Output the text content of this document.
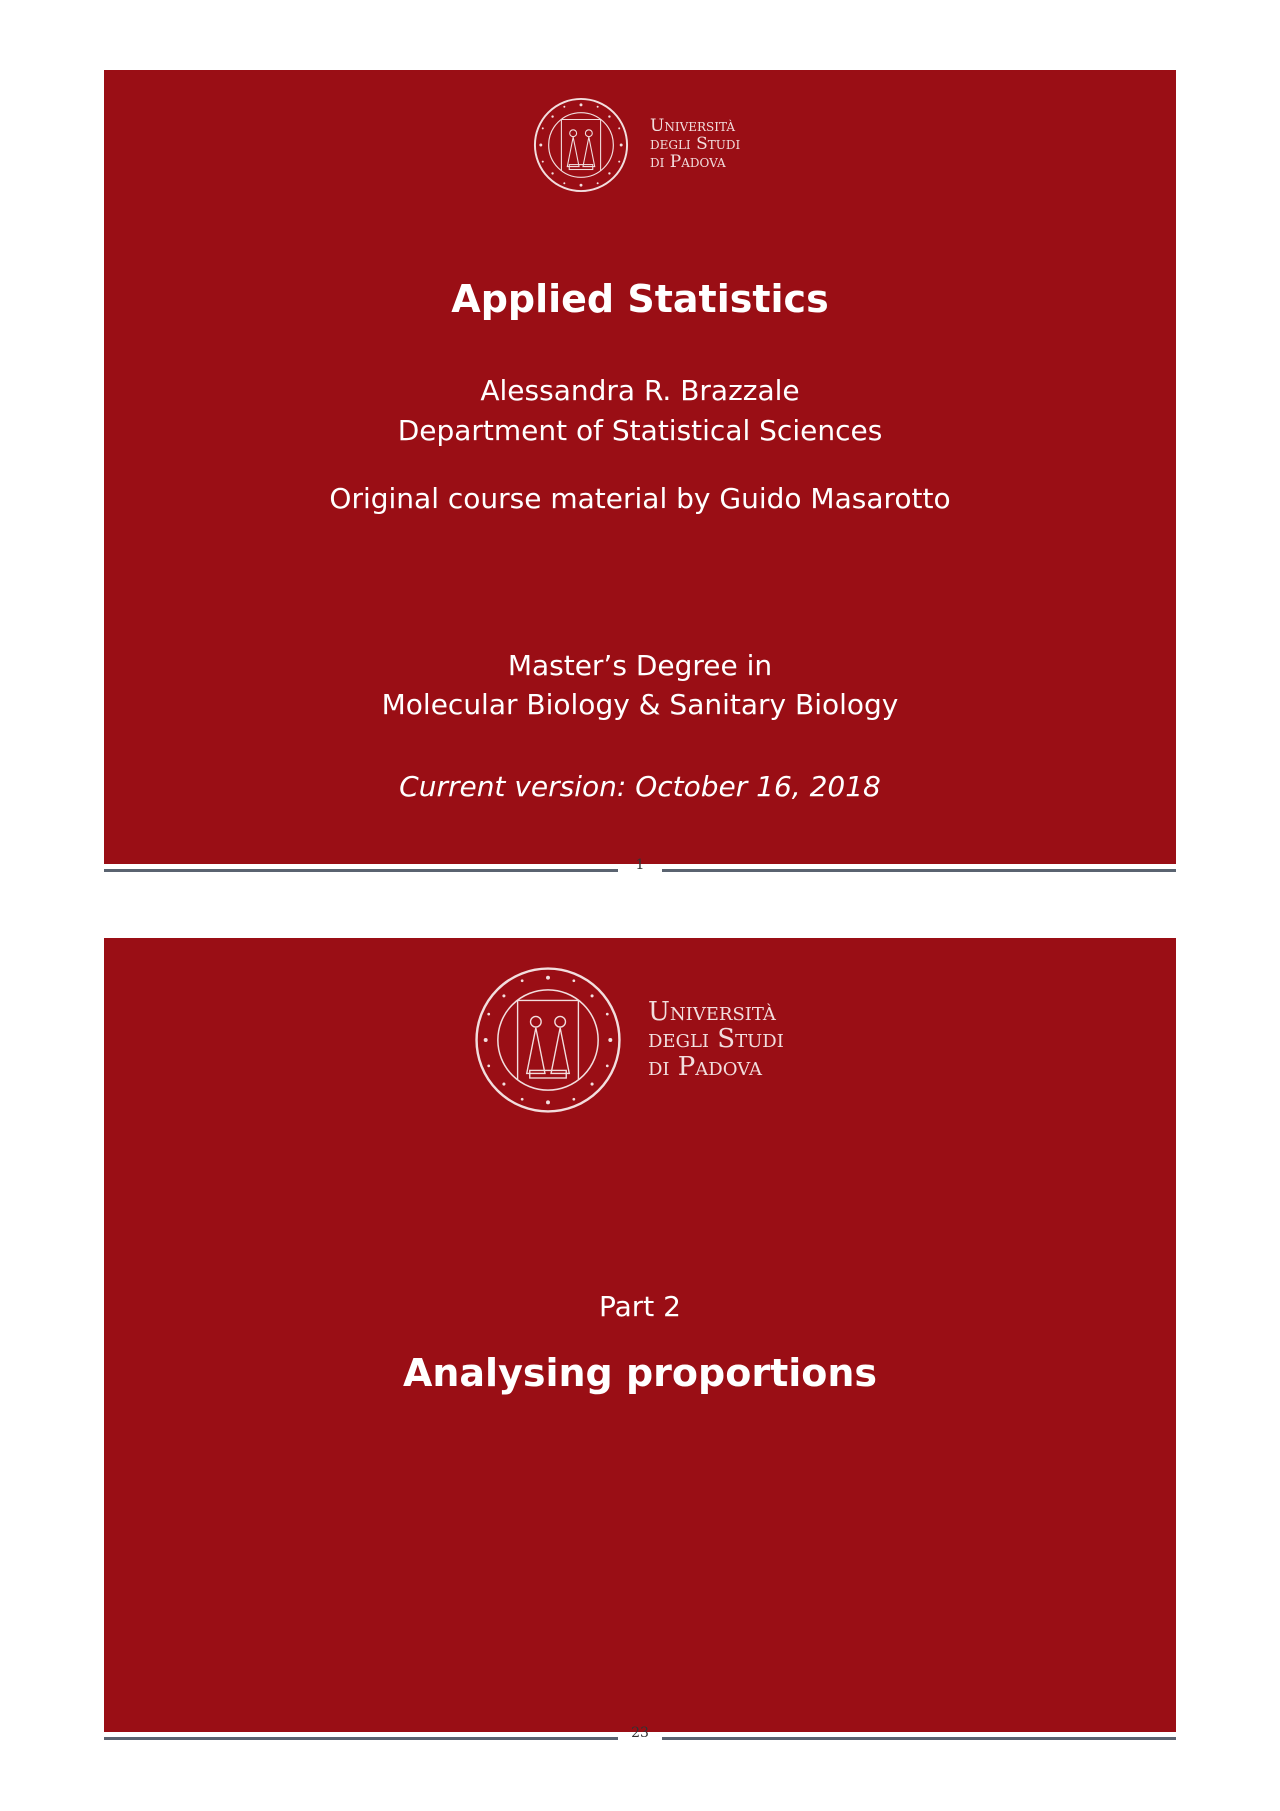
Università
degli Studi
di Padova
Applied Statistics
Alessandra R. Brazzale
Department of Statistical Sciences
Original course material by Guido Masarotto
Master’s Degree in
Molecular Biology & Sanitary Biology
Current version: October 16, 2018
1
Università
degli Studi
di Padova
Part 2
Analysing proportions
23
